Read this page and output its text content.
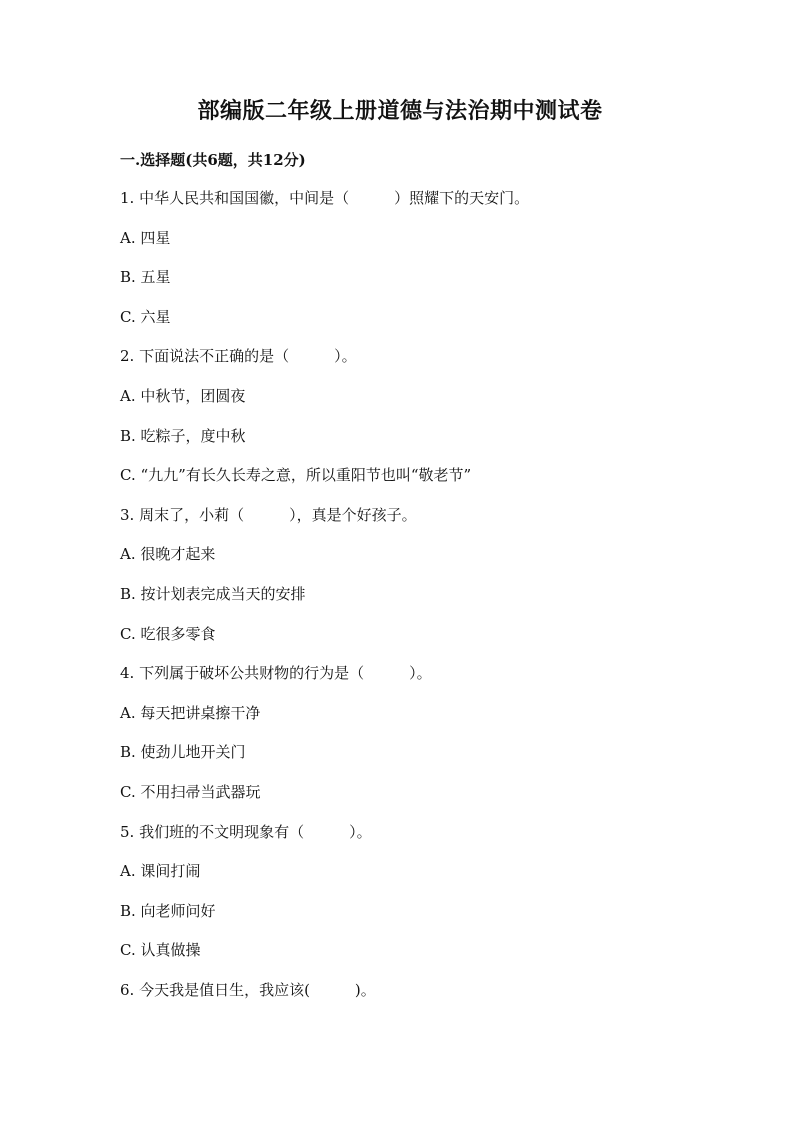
部编版二年级上册道德与法治期中测试卷
一.选择题(共6题，共12分)
1. 中华人民共和国国徽，中间是（　　　）照耀下的天安门。
A. 四星
B. 五星
C. 六星
2. 下面说法不正确的是（　　　）。
A. 中秋节，团圆夜
B. 吃粽子，度中秋
C. “九九”有长久长寿之意，所以重阳节也叫“敬老节”
3. 周末了，小莉（　　　），真是个好孩子。
A. 很晚才起来
B. 按计划表完成当天的安排
C. 吃很多零食
4. 下列属于破坏公共财物的行为是（　　　）。
A. 每天把讲桌擦干净
B. 使劲儿地开关门
C. 不用扫帚当武器玩
5. 我们班的不文明现象有（　　　）。
A. 课间打闹
B. 向老师问好
C. 认真做操
6. 今天我是值日生，我应该(　　　)。
